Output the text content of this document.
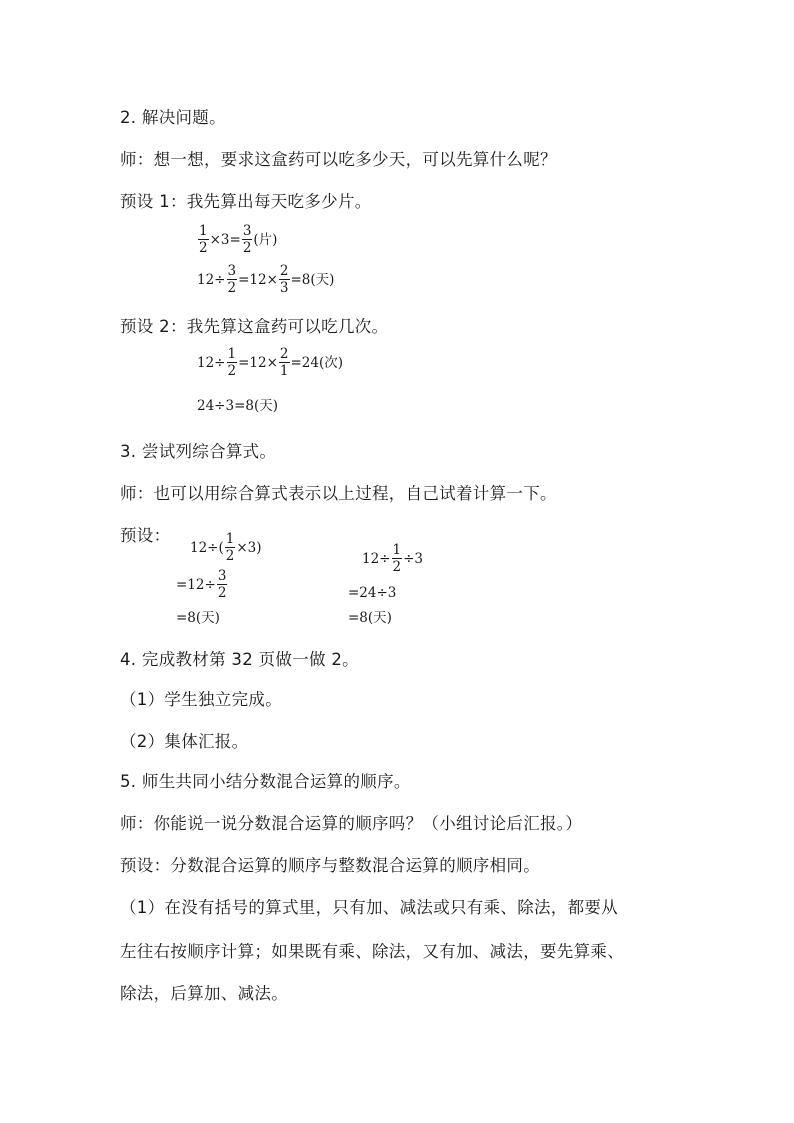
2. 解决问题。
师：想一想，要求这盒药可以吃多少天，可以先算什么呢？
预设 1：我先算出每天吃多少片。
$\frac{1}{2} \times 3= \frac{3}{2}$ (片)
$12\div \frac{3}{2} =12\times \frac{2}{3} =8$(天)
预设 2：我先算这盒药可以吃几次。
$12\div \frac{1}{2} =12\times \frac{2}{1} =24$(次)
24÷3=8(天)
3. 尝试列综合算式。
师：也可以用综合算式表示以上过程，自己试着计算一下。
预设：
$12\div( \frac{1}{2} \times 3)$
$=12\div \frac{3}{2}$
=8(天)
$12\div \frac{1}{2} \div 3$
=24÷3
=8(天)
4. 完成教材第 32 页做一做 2。
（1）学生独立完成。
（2）集体汇报。
5. 师生共同小结分数混合运算的顺序。
师：你能说一说分数混合运算的顺序吗？（小组讨论后汇报。）
预设：分数混合运算的顺序与整数混合运算的顺序相同。
（1）在没有括号的算式里，只有加、减法或只有乘、除法，都要从
左往右按顺序计算；如果既有乘、除法，又有加、减法，要先算乘、
除法，后算加、减法。
